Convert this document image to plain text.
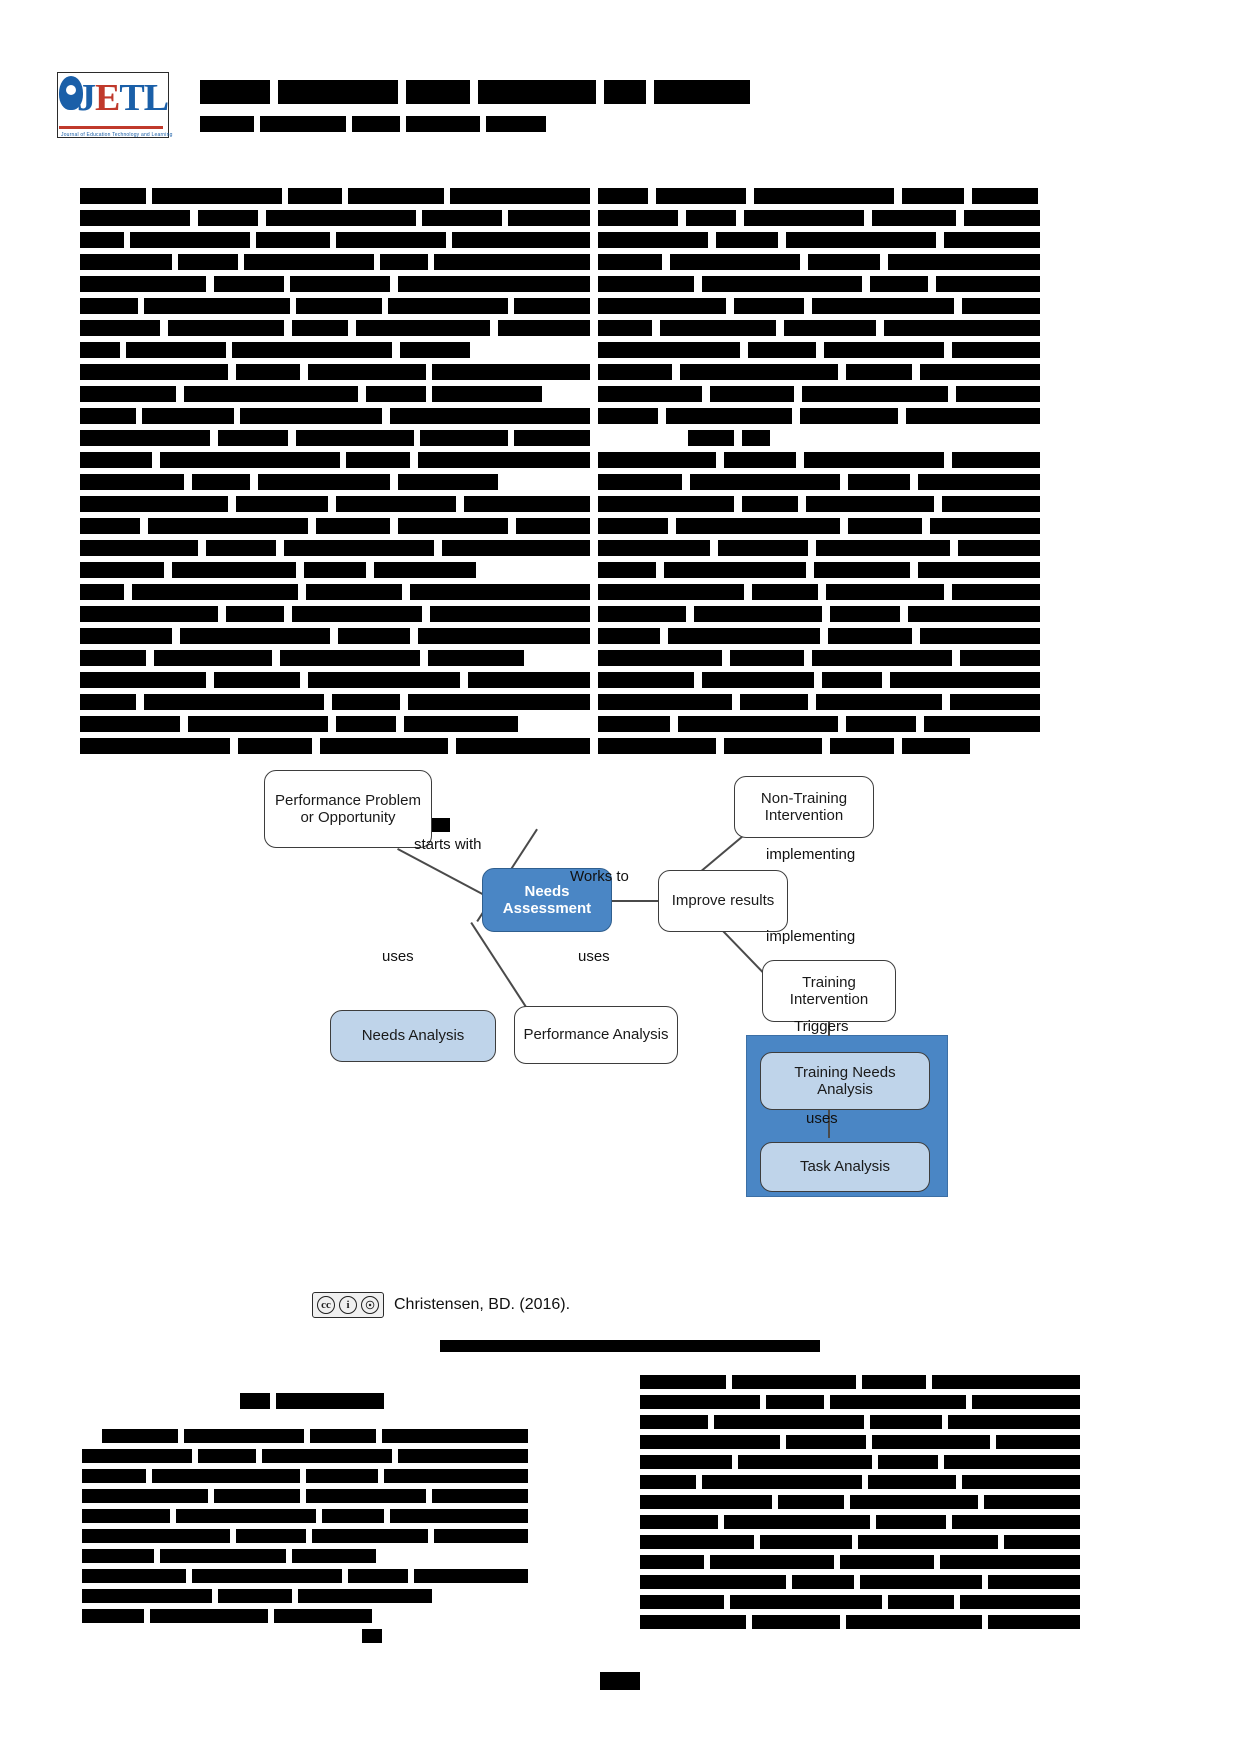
JETL
Journal of Education Technology and Learning
Performance Problem or Opportunity
Needs Assessment
Needs Analysis	Performance Analysis
Non-Training Intervention
Improve results
Training Intervention
Training Needs Analysis
Task Analysis
starts with
Works to
uses	uses
implementing
implementing
Triggers
uses
cc	i	☉ Christensen, BD. (2016).
